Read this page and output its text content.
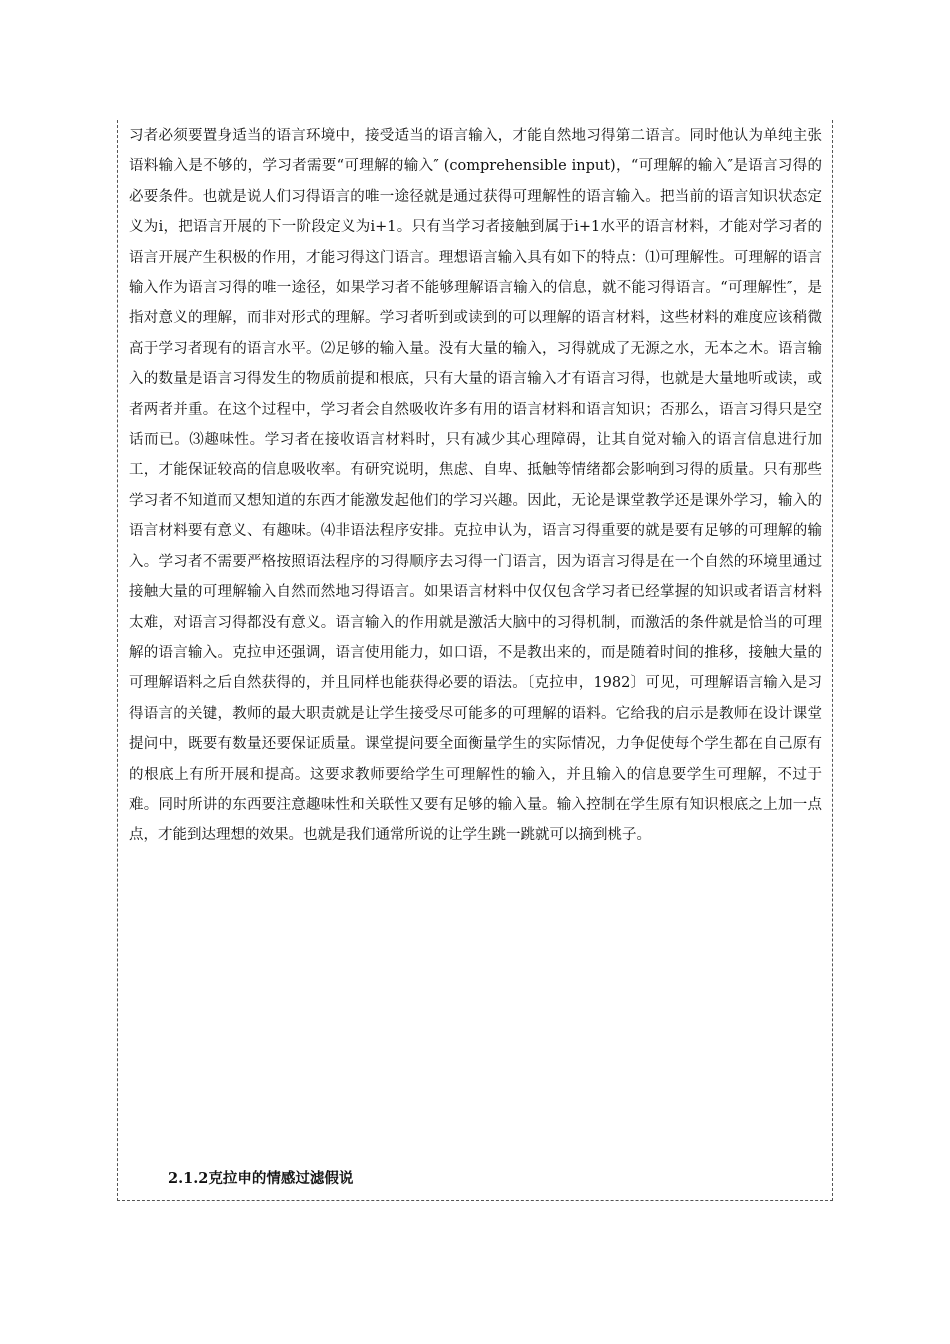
习者必须要置身适当的语言环境中，接受适当的语言输入，才能自然地习得第二语言。同时他认为单纯主张语料输入是不够的，学习者需要“可理解的输入″ (comprehensible input)，“可理解的输入″是语言习得的必要条件。也就是说人们习得语言的唯一途径就是通过获得可理解性的语言输入。把当前的语言知识状态定义为i，把语言开展的下一阶段定义为i+1。只有当学习者接触到属于i+1水平的语言材料，才能对学习者的语言开展产生积极的作用，才能习得这门语言。理想语言输入具有如下的特点：⑴可理解性。可理解的语言输入作为语言习得的唯一途径，如果学习者不能够理解语言输入的信息，就不能习得语言。“可理解性″，是指对意义的理解，而非对形式的理解。学习者听到或读到的可以理解的语言材料，这些材料的难度应该稍微高于学习者现有的语言水平。⑵足够的输入量。没有大量的输入，习得就成了无源之水，无本之木。语言输入的数量是语言习得发生的物质前提和根底，只有大量的语言输入才有语言习得，也就是大量地听或读，或者两者并重。在这个过程中，学习者会自然吸收许多有用的语言材料和语言知识；否那么，语言习得只是空话而已。⑶趣味性。学习者在接收语言材料时，只有减少其心理障碍，让其自觉对输入的语言信息进行加工，才能保证较高的信息吸收率。有研究说明，焦虑、自卑、抵触等情绪都会影响到习得的质量。只有那些学习者不知道而又想知道的东西才能激发起他们的学习兴趣。因此，无论是课堂教学还是课外学习，输入的语言材料要有意义、有趣味。⑷非语法程序安排。克拉申认为，语言习得重要的就是要有足够的可理解的输入。学习者不需要严格按照语法程序的习得顺序去习得一门语言，因为语言习得是在一个自然的环境里通过接触大量的可理解输入自然而然地习得语言。如果语言材料中仅仅包含学习者已经掌握的知识或者语言材料太难，对语言习得都没有意义。语言输入的作用就是激活大脑中的习得机制，而激活的条件就是恰当的可理解的语言输入。克拉申还强调，语言使用能力，如口语，不是教出来的，而是随着时间的推移，接触大量的可理解语料之后自然获得的，并且同样也能获得必要的语法。〔克拉申，1982〕可见，可理解语言输入是习得语言的关键，教师的最大职责就是让学生接受尽可能多的可理解的语料。它给我的启示是教师在设计课堂提问中，既要有数量还要保证质量。课堂提问要全面衡量学生的实际情况，力争促使每个学生都在自己原有的根底上有所开展和提高。这要求教师要给学生可理解性的输入，并且输入的信息要学生可理解，不过于难。同时所讲的东西要注意趣味性和关联性又要有足够的输入量。输入控制在学生原有知识根底之上加一点点，才能到达理想的效果。也就是我们通常所说的让学生跳一跳就可以摘到桃子。

2.1.2克拉申的情感过滤假说
